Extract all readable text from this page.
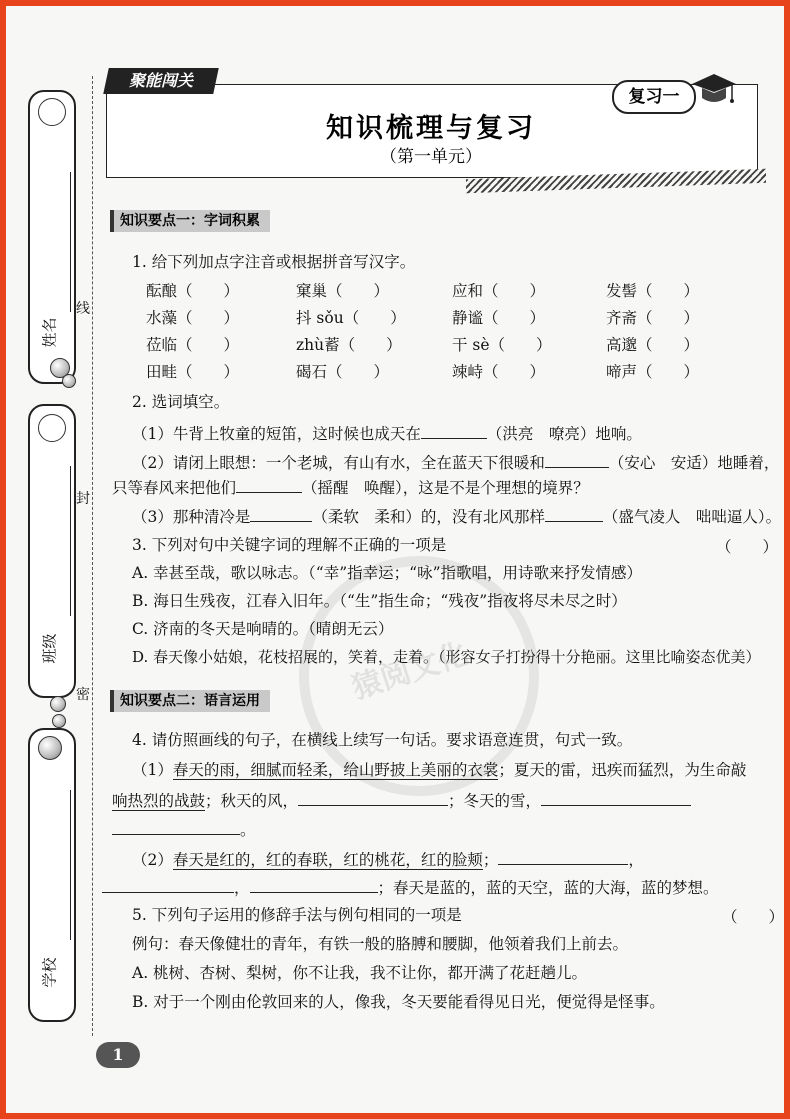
姓名
班级
学校
线
封
密
聚能闯关
复习一
知识梳理与复习
（第一单元）
猿阅文化
知识要点一：字词积累
1. 给下列加点字注音或根据拼音写汉字。
酝酿（　　）	窠巢（　　）	应和（　　）	发髻（　　）
水藻（　　）	抖 sǒu（　　）	静谧（　　）	齐斋（　　）
莅临（　　）	zhù蓄（　　）	干 sè（　　）	高邈（　　）
田畦（　　）	碣石（　　）	竦峙（　　）	啼声（　　）
2. 选词填空。
（1）牛背上牧童的短笛，这时候也成天在	（洪亮　嘹亮）地响。
（2）请闭上眼想：一个老城，有山有水，全在蓝天下很暖和	（安心　安适）地睡着，
只等春风来把他们	（摇醒　唤醒），这是不是个理想的境界？
（3）那种清冷是	（柔软　柔和）的，没有北风那样	（盛气凌人　咄咄逼人）。
3. 下列对句中关键字词的理解不正确的一项是	（　　）
A. 幸甚至哉，歌以咏志。（“幸”指幸运；“咏”指歌唱，用诗歌来抒发情感）
B. 海日生残夜，江春入旧年。（“生”指生命；“残夜”指夜将尽未尽之时）
C. 济南的冬天是响晴的。（晴朗无云）
D. 春天像小姑娘，花枝招展的，笑着，走着。（形容女子打扮得十分艳丽。这里比喻姿态优美）
知识要点二：语言运用
4. 请仿照画线的句子，在横线上续写一句话。要求语意连贯，句式一致。
（1）春天的雨，细腻而轻柔，给山野披上美丽的衣裳；夏天的雷，迅疾而猛烈，为生命敲
响热烈的战鼓；秋天的风，	；冬天的雪，
。
（2）春天是红的，红的春联，红的桃花，红的脸颊；	，
，	；春天是蓝的，蓝的天空，蓝的大海，蓝的梦想。
5. 下列句子运用的修辞手法与例句相同的一项是	（　　）
例句：春天像健壮的青年，有铁一般的胳膊和腰脚，他领着我们上前去。
A. 桃树、杏树、梨树，你不让我，我不让你，都开满了花赶趟儿。
B. 对于一个刚由伦敦回来的人，像我，冬天要能看得见日光，便觉得是怪事。
1
